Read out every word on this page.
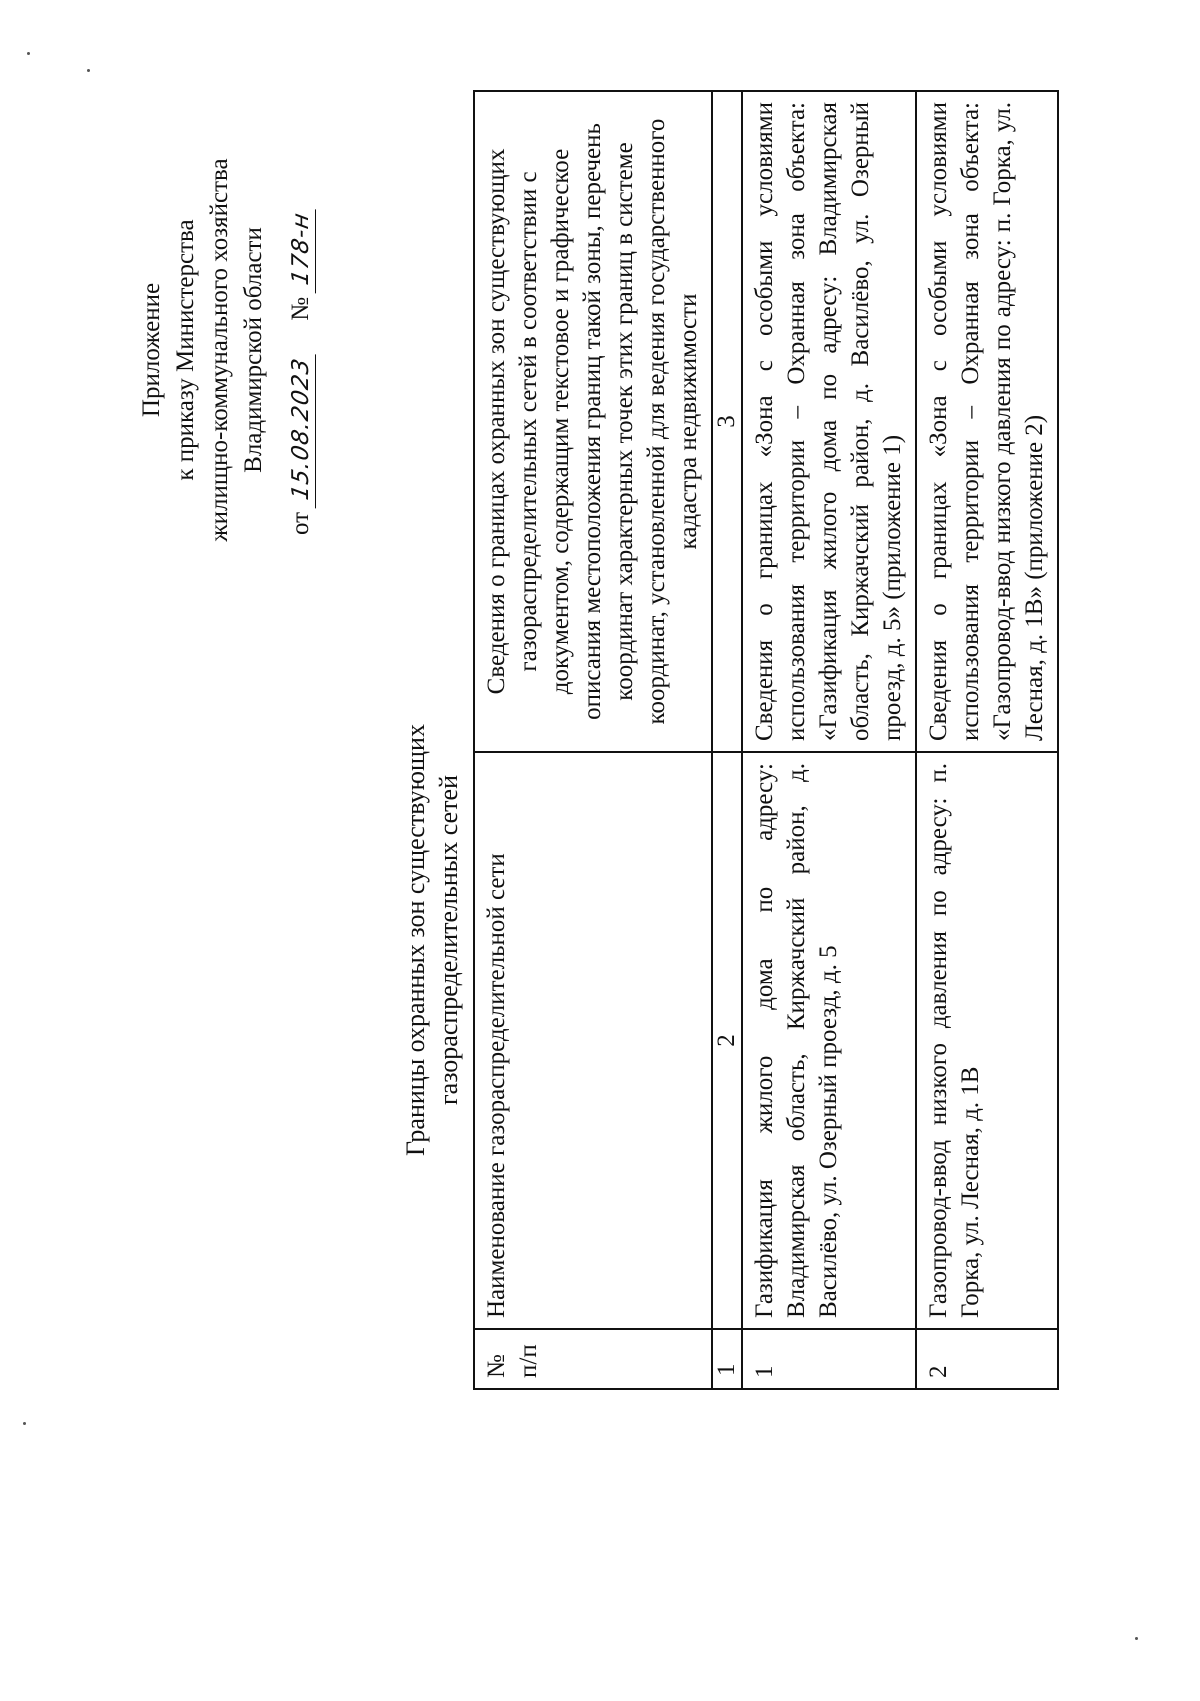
Приложение к приказу Министерства жилищно-коммунального хозяйства Владимирской области
от 15.08.2023     № 178-н
Границы охранных зон существующих газораспределительных сетей
№ п/п	Наименование газораспределительной сети	Сведения о границах охранных зон существующих газораспределительных сетей в соответствии с документом, содержащим текстовое и графическое описания местоположения границ такой зоны, перечень координат характерных точек этих границ в системе координат, установленной для ведения государственного кадастра недвижимости
1	2	3
1	Газификация жилого дома по адресу: Владимирская область, Киржачский район, д. Василёво, ул. Озерный проезд, д. 5	Сведения о границах «Зона с особыми условиями использования территории – Охранная зона объекта: «Газификация жилого дома по адресу: Владимирская область, Киржачский район, д. Василёво, ул. Озерный проезд, д. 5» (приложение 1)
2	Газопровод-ввод низкого давления по адресу: п. Горка, ул. Лесная, д. 1В	Сведения о границах «Зона с особыми условиями использования территории – Охранная зона объекта: «Газопровод-ввод низкого давления по адресу: п. Горка, ул. Лесная, д. 1В» (приложение 2)
